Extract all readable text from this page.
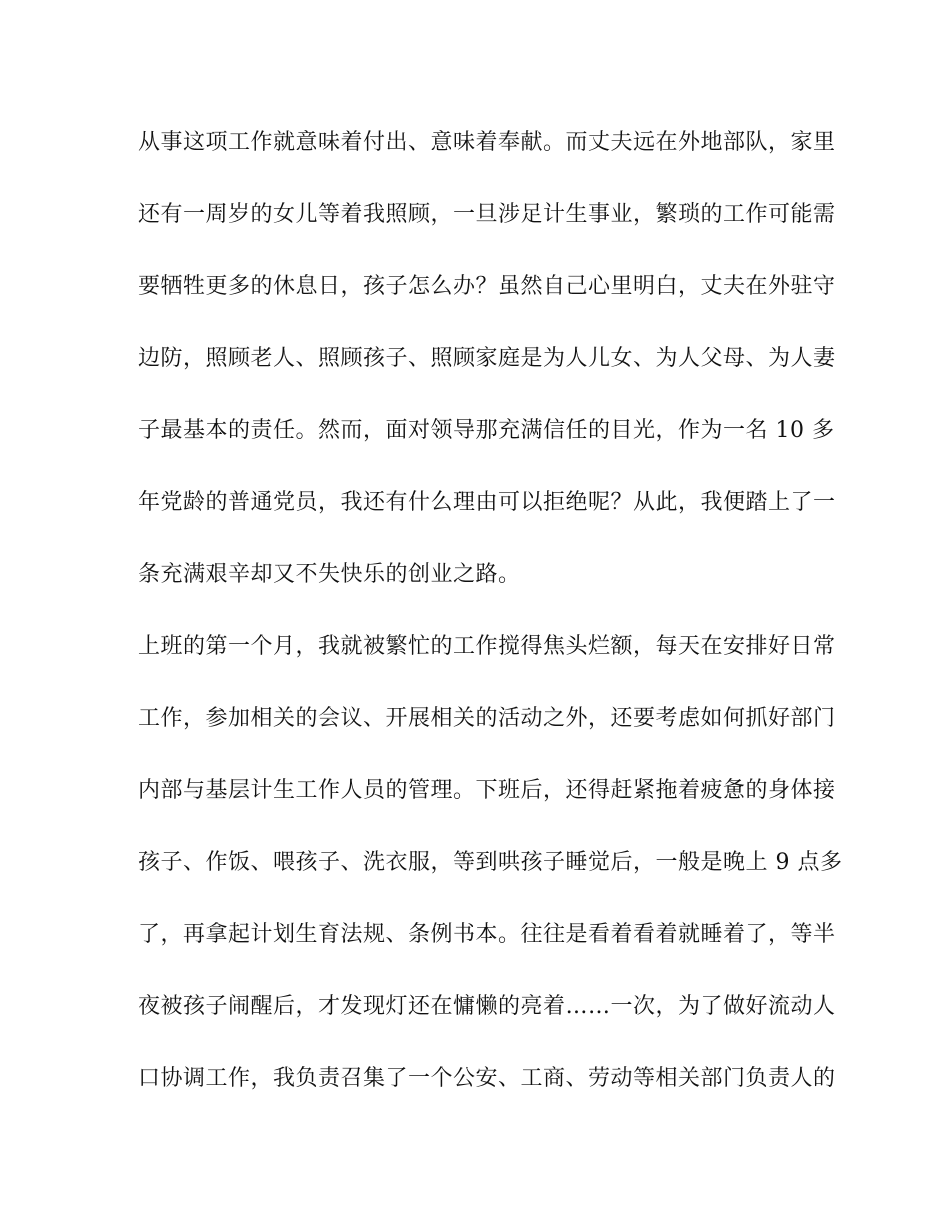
从事这项工作就意味着付出、意味着奉献。而丈夫远在外地部队，家里
还有一周岁的女儿等着我照顾，一旦涉足计生事业，繁琐的工作可能需
要牺牲更多的休息日，孩子怎么办？虽然自己心里明白，丈夫在外驻守
边防，照顾老人、照顾孩子、照顾家庭是为人儿女、为人父母、为人妻
子最基本的责任。然而，面对领导那充满信任的目光，作为一名 10 多
年党龄的普通党员，我还有什么理由可以拒绝呢？从此，我便踏上了一
条充满艰辛却又不失快乐的创业之路。
上班的第一个月，我就被繁忙的工作搅得焦头烂额，每天在安排好日常
工作，参加相关的会议、开展相关的活动之外，还要考虑如何抓好部门
内部与基层计生工作人员的管理。下班后，还得赶紧拖着疲惫的身体接
孩子、作饭、喂孩子、洗衣服，等到哄孩子睡觉后，一般是晚上 9 点多
了，再拿起计划生育法规、条例书本。往往是看着看着就睡着了，等半
夜被孩子闹醒后，才发现灯还在慵懒的亮着……一次，为了做好流动人
口协调工作，我负责召集了一个公安、工商、劳动等相关部门负责人的
